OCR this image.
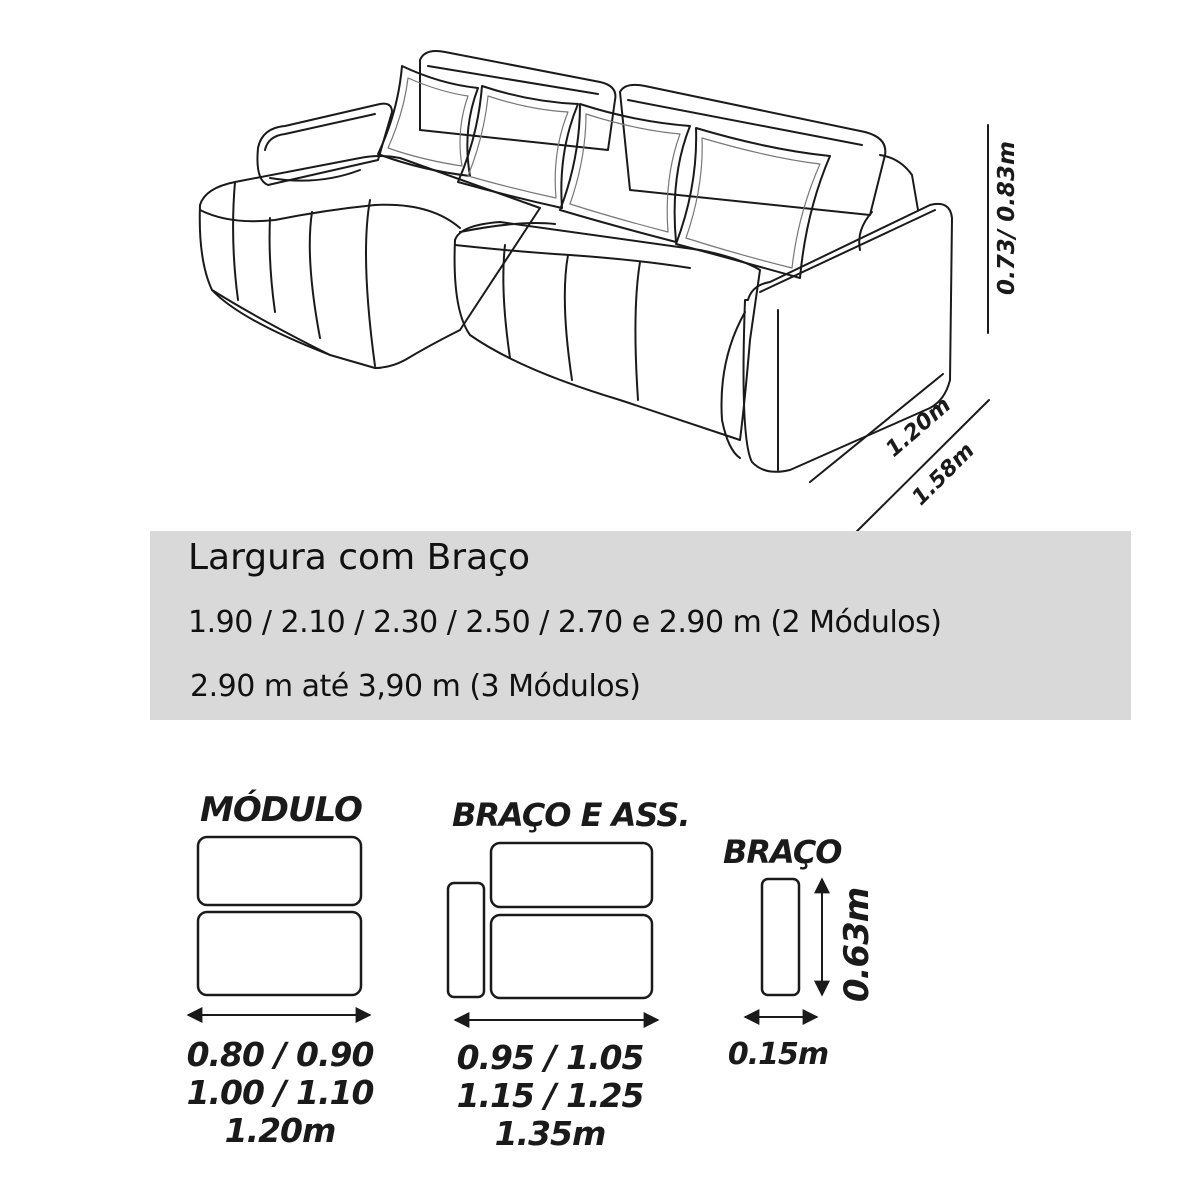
0.73/ 0.83m
1.20m
1.58m
Largura com Braço
1.90 / 2.10 / 2.30 / 2.50 / 2.70 e 2.90 m (2 Módulos)
2.90 m até 3,90 m (3 Módulos)
MÓDULO	BRAÇO E ASS.
BRAÇO
0.80 / 0.90
1.00 / 1.10
1.20m
0.95 / 1.05
1.15 / 1.25
1.35m
0.15m
0.63m
